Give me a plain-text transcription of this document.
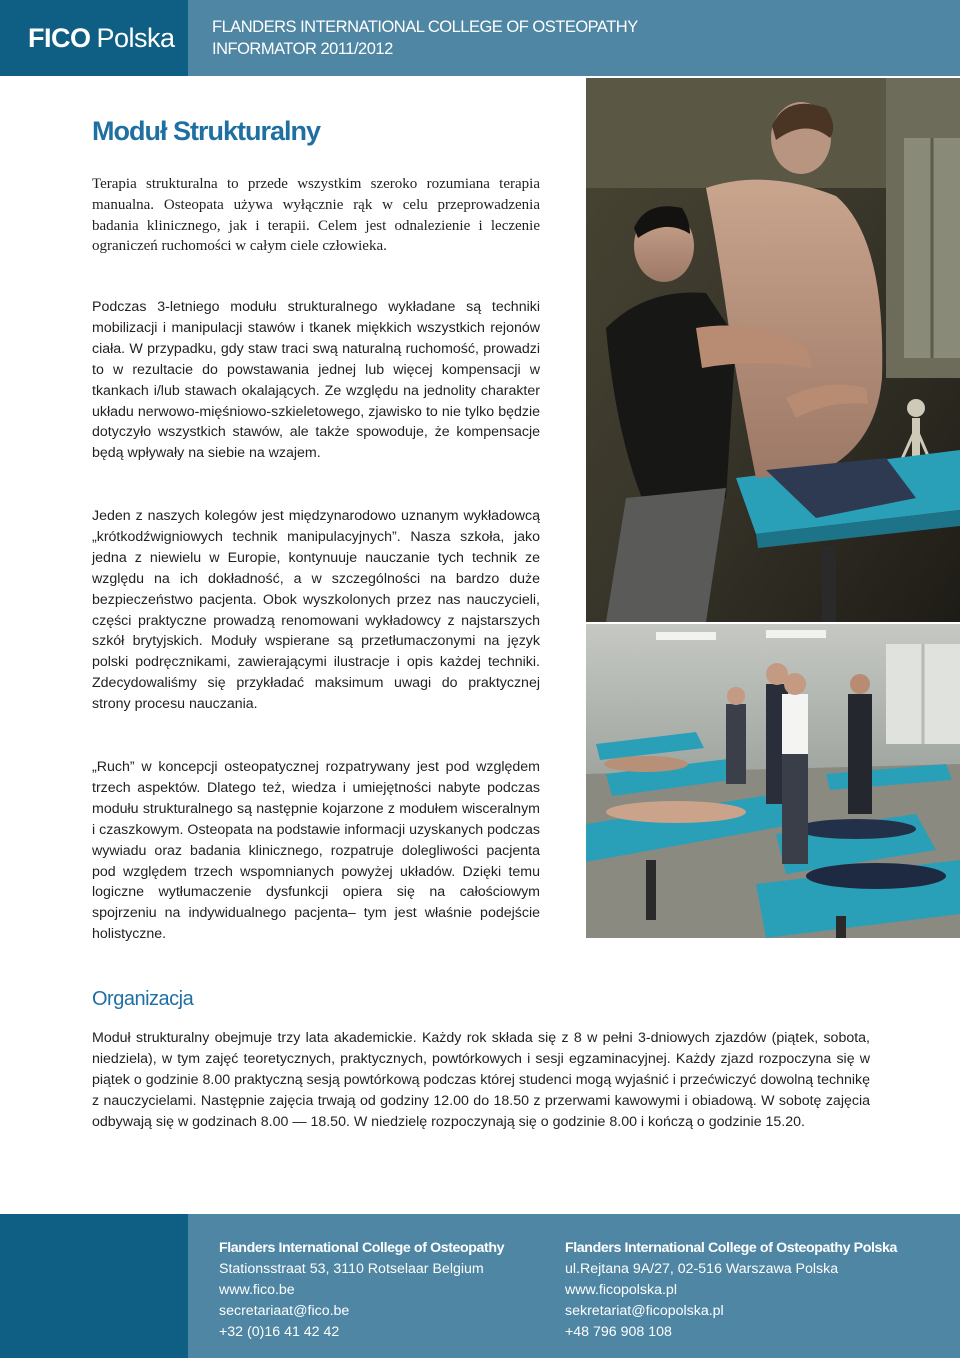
FICO Polska FLANDERS INTERNATIONAL COLLEGE OF OSTEOPATHY
INFORMATOR 2011/2012
Moduł Strukturalny

Terapia strukturalna to przede wszystkim szeroko rozumiana terapia manualna. Osteopata używa wyłącznie rąk w celu przeprowadzenia badania klinicznego, jak i terapii. Celem jest odnalezienie i leczenie ograniczeń ruchomości w całym ciele człowieka.

Podczas 3-letniego modułu strukturalnego wykładane są techniki mobilizacji i manipulacji stawów i tkanek miękkich wszystkich rejonów ciała. W przypadku, gdy staw traci swą naturalną ruchomość, prowadzi to w rezultacie do powstawania jednej lub więcej kompensacji w tkankach i/lub stawach okalających. Ze względu na jednolity charakter układu nerwowo-mięśniowo-szkieletowego, zjawisko to nie tylko będzie dotyczyło wszystkich stawów, ale także spowoduje, że kompensacje będą wpływały na siebie na wzajem.

Jeden z naszych kolegów jest międzynarodowo uznanym wykładowcą „krótkodźwigniowych technik manipulacyjnych”. Nasza szkoła, jako jedna z niewielu w Europie, kontynuuje nauczanie tych technik ze względu na ich dokładność, a w szczególności na bardzo duże bezpieczeństwo pacjenta. Obok wyszkolonych przez nas nauczycieli, części praktyczne prowadzą renomowani wykładowcy z najstarszych szkół brytyjskich. Moduły wspierane są przetłumaczonymi na język polski podręcznikami, zawierającymi ilustracje i opis każdej techniki. Zdecydowaliśmy się przykładać maksimum uwagi do praktycznej strony procesu nauczania.

„Ruch” w koncepcji osteopatycznej rozpatrywany jest pod względem trzech aspektów. Dlatego też, wiedza i umiejętności nabyte podczas modułu strukturalnego są następnie kojarzone z modułem wisceralnym i czaszkowym. Osteopata na podstawie informacji uzyskanych podczas wywiadu oraz badania klinicznego, rozpatruje dolegliwości pacjenta pod względem trzech wspomnianych powyżej układów. Dzięki temu logiczne wytłumaczenie dysfunkcji opiera się na całościowym spojrzeniu na indywidualnego pacjenta– tym jest właśnie podejście holistyczne.

Organizacja

Moduł strukturalny obejmuje trzy lata akademickie. Każdy rok składa się z 8 w pełni 3-dniowych zjazdów (piątek, sobota, niedziela), w tym zajęć teoretycznych, praktycznych, powtórkowych i sesji egzaminacyjnej. Każdy zjazd rozpoczyna się w piątek o godzinie 8.00 praktyczną sesją powtórkową podczas której studenci mogą wyjaśnić i przećwiczyć dowolną technikę z nauczycielami. Następnie zajęcia trwają od godziny 12.00 do 18.50 z przerwami kawowymi i obiadową. W sobotę zajęcia odbywają się w godzinach 8.00 — 18.50. W niedzielę rozpoczynają się o godzinie 8.00 i kończą o godzinie 15.20.

Flanders International College of Osteopathy
Stationsstraat 53, 3110 Rotselaar Belgium
www.fico.be
secretariaat@fico.be
+32 (0)16 41 42 42
Flanders International College of Osteopathy Polska
ul.Rejtana 9A/27, 02-516 Warszawa Polska
www.ficopolska.pl
sekretariat@ficopolska.pl
+48 796 908 108
